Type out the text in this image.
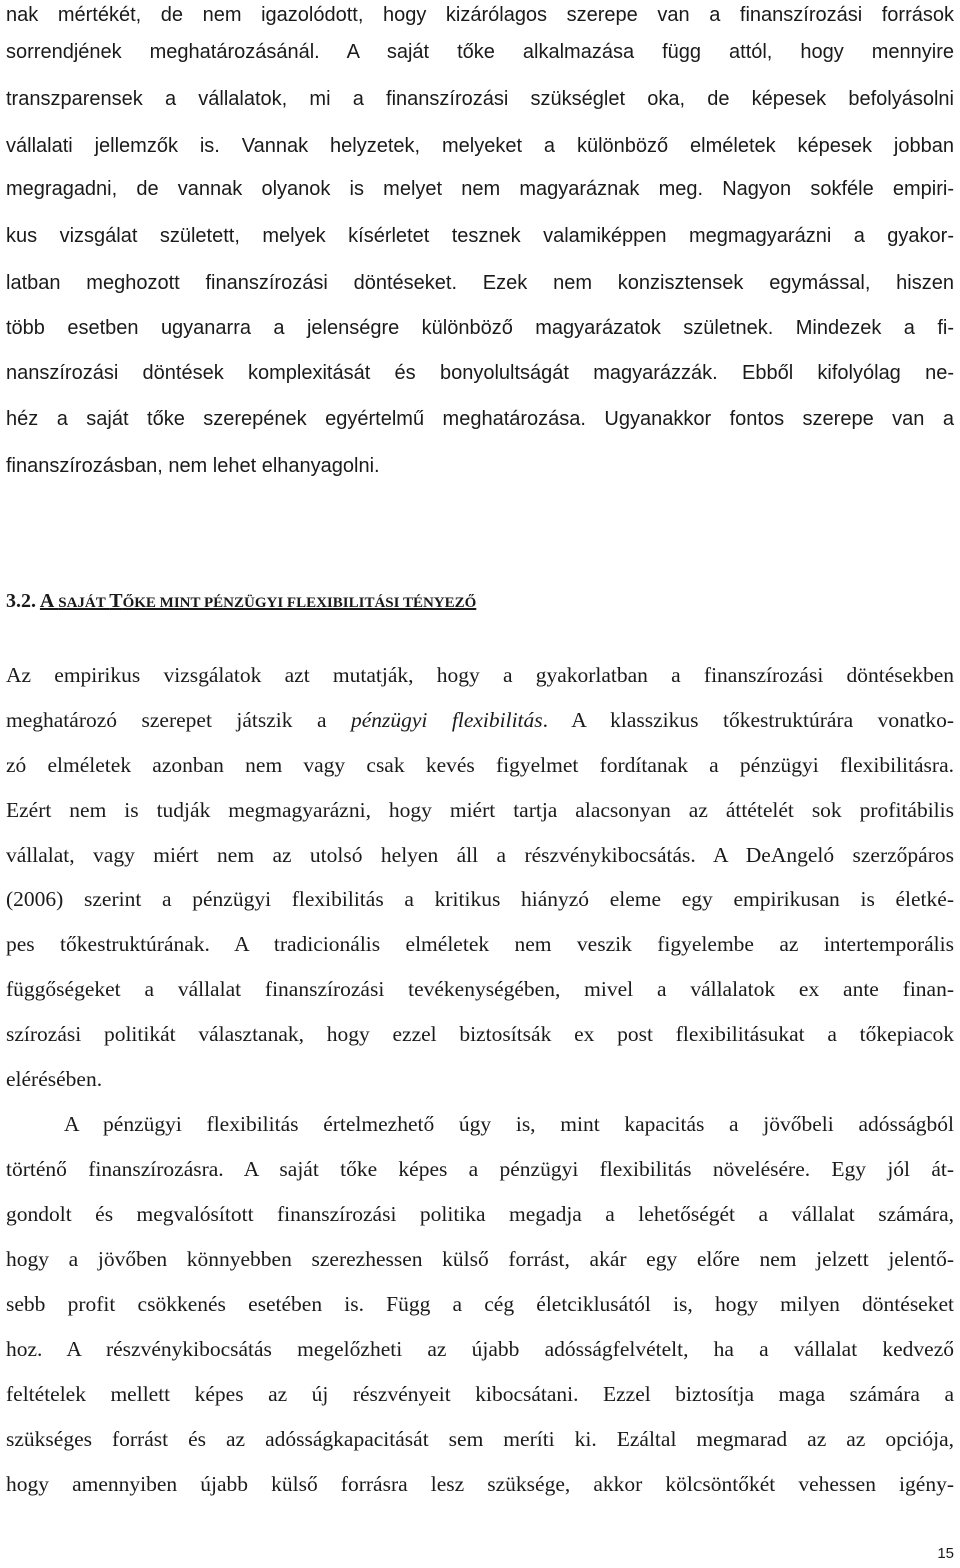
nak mértékét, de nem igazolódott, hogy kizárólagos szerepe van a finanszírozási források
sorrendjének meghatározásánál. A saját tőke alkalmazása függ attól, hogy mennyire
transzparensek a vállalatok, mi a finanszírozási szükséglet oka, de képesek befolyásolni
vállalati jellemzők is. Vannak helyzetek, melyeket a különböző elméletek képesek jobban
megragadni, de vannak olyanok is melyet nem magyaráznak meg. Nagyon sokféle empiri-
kus vizsgálat született, melyek kísérletet tesznek valamiképpen megmagyarázni a gyakor-
latban meghozott finanszírozási döntéseket. Ezek nem konzisztensek egymással, hiszen
több esetben ugyanarra a jelenségre különböző magyarázatok születnek. Mindezek a fi-
nanszírozási döntések komplexitását és bonyolultságát magyarázzák. Ebből kifolyólag ne-
héz a saját tőke szerepének egyértelmű meghatározása. Ugyanakkor fontos szerepe van a
finanszírozásban, nem lehet elhanyagolni.
3.2. A SAJÁT TŐKE MINT PÉNZÜGYI FLEXIBILITÁSI TÉNYEZŐ
Az empirikus vizsgálatok azt mutatják, hogy a gyakorlatban a finanszírozási döntésekben
meghatározó szerepet játszik a pénzügyi flexibilitás. A klasszikus tőkestruktúrára vonatko-
zó elméletek azonban nem vagy csak kevés figyelmet fordítanak a pénzügyi flexibilitásra.
Ezért nem is tudják megmagyarázni, hogy miért tartja alacsonyan az áttételét sok profitábilis
vállalat, vagy miért nem az utolsó helyen áll a részvénykibocsátás. A DeAngeló szerzőpáros
(2006) szerint a pénzügyi flexibilitás a kritikus hiányzó eleme egy empirikusan is életké-
pes tőkestruktúrának. A tradicionális elméletek nem veszik figyelembe az intertemporális
függőségeket a vállalat finanszírozási tevékenységében, mivel a vállalatok ex ante finan-
szírozási politikát választanak, hogy ezzel biztosítsák ex post flexibilitásukat a tőkepiacok
elérésében.
A pénzügyi flexibilitás értelmezhető úgy is, mint kapacitás a jövőbeli adósságból
történő finanszírozásra. A saját tőke képes a pénzügyi flexibilitás növelésére. Egy jól át-
gondolt és megvalósított finanszírozási politika megadja a lehetőségét a vállalat számára,
hogy a jövőben könnyebben szerezhessen külső forrást, akár egy előre nem jelzett jelentő-
sebb profit csökkenés esetében is. Függ a cég életciklusától is, hogy milyen döntéseket
hoz. A részvénykibocsátás megelőzheti az újabb adósságfelvételt, ha a vállalat kedvező
feltételek mellett képes az új részvényeit kibocsátani. Ezzel biztosítja maga számára a
szükséges forrást és az adósságkapacitását sem meríti ki. Ezáltal megmarad az az opciója,
hogy amennyiben újabb külső forrásra lesz szüksége, akkor kölcsöntőkét vehessen igény-
15
